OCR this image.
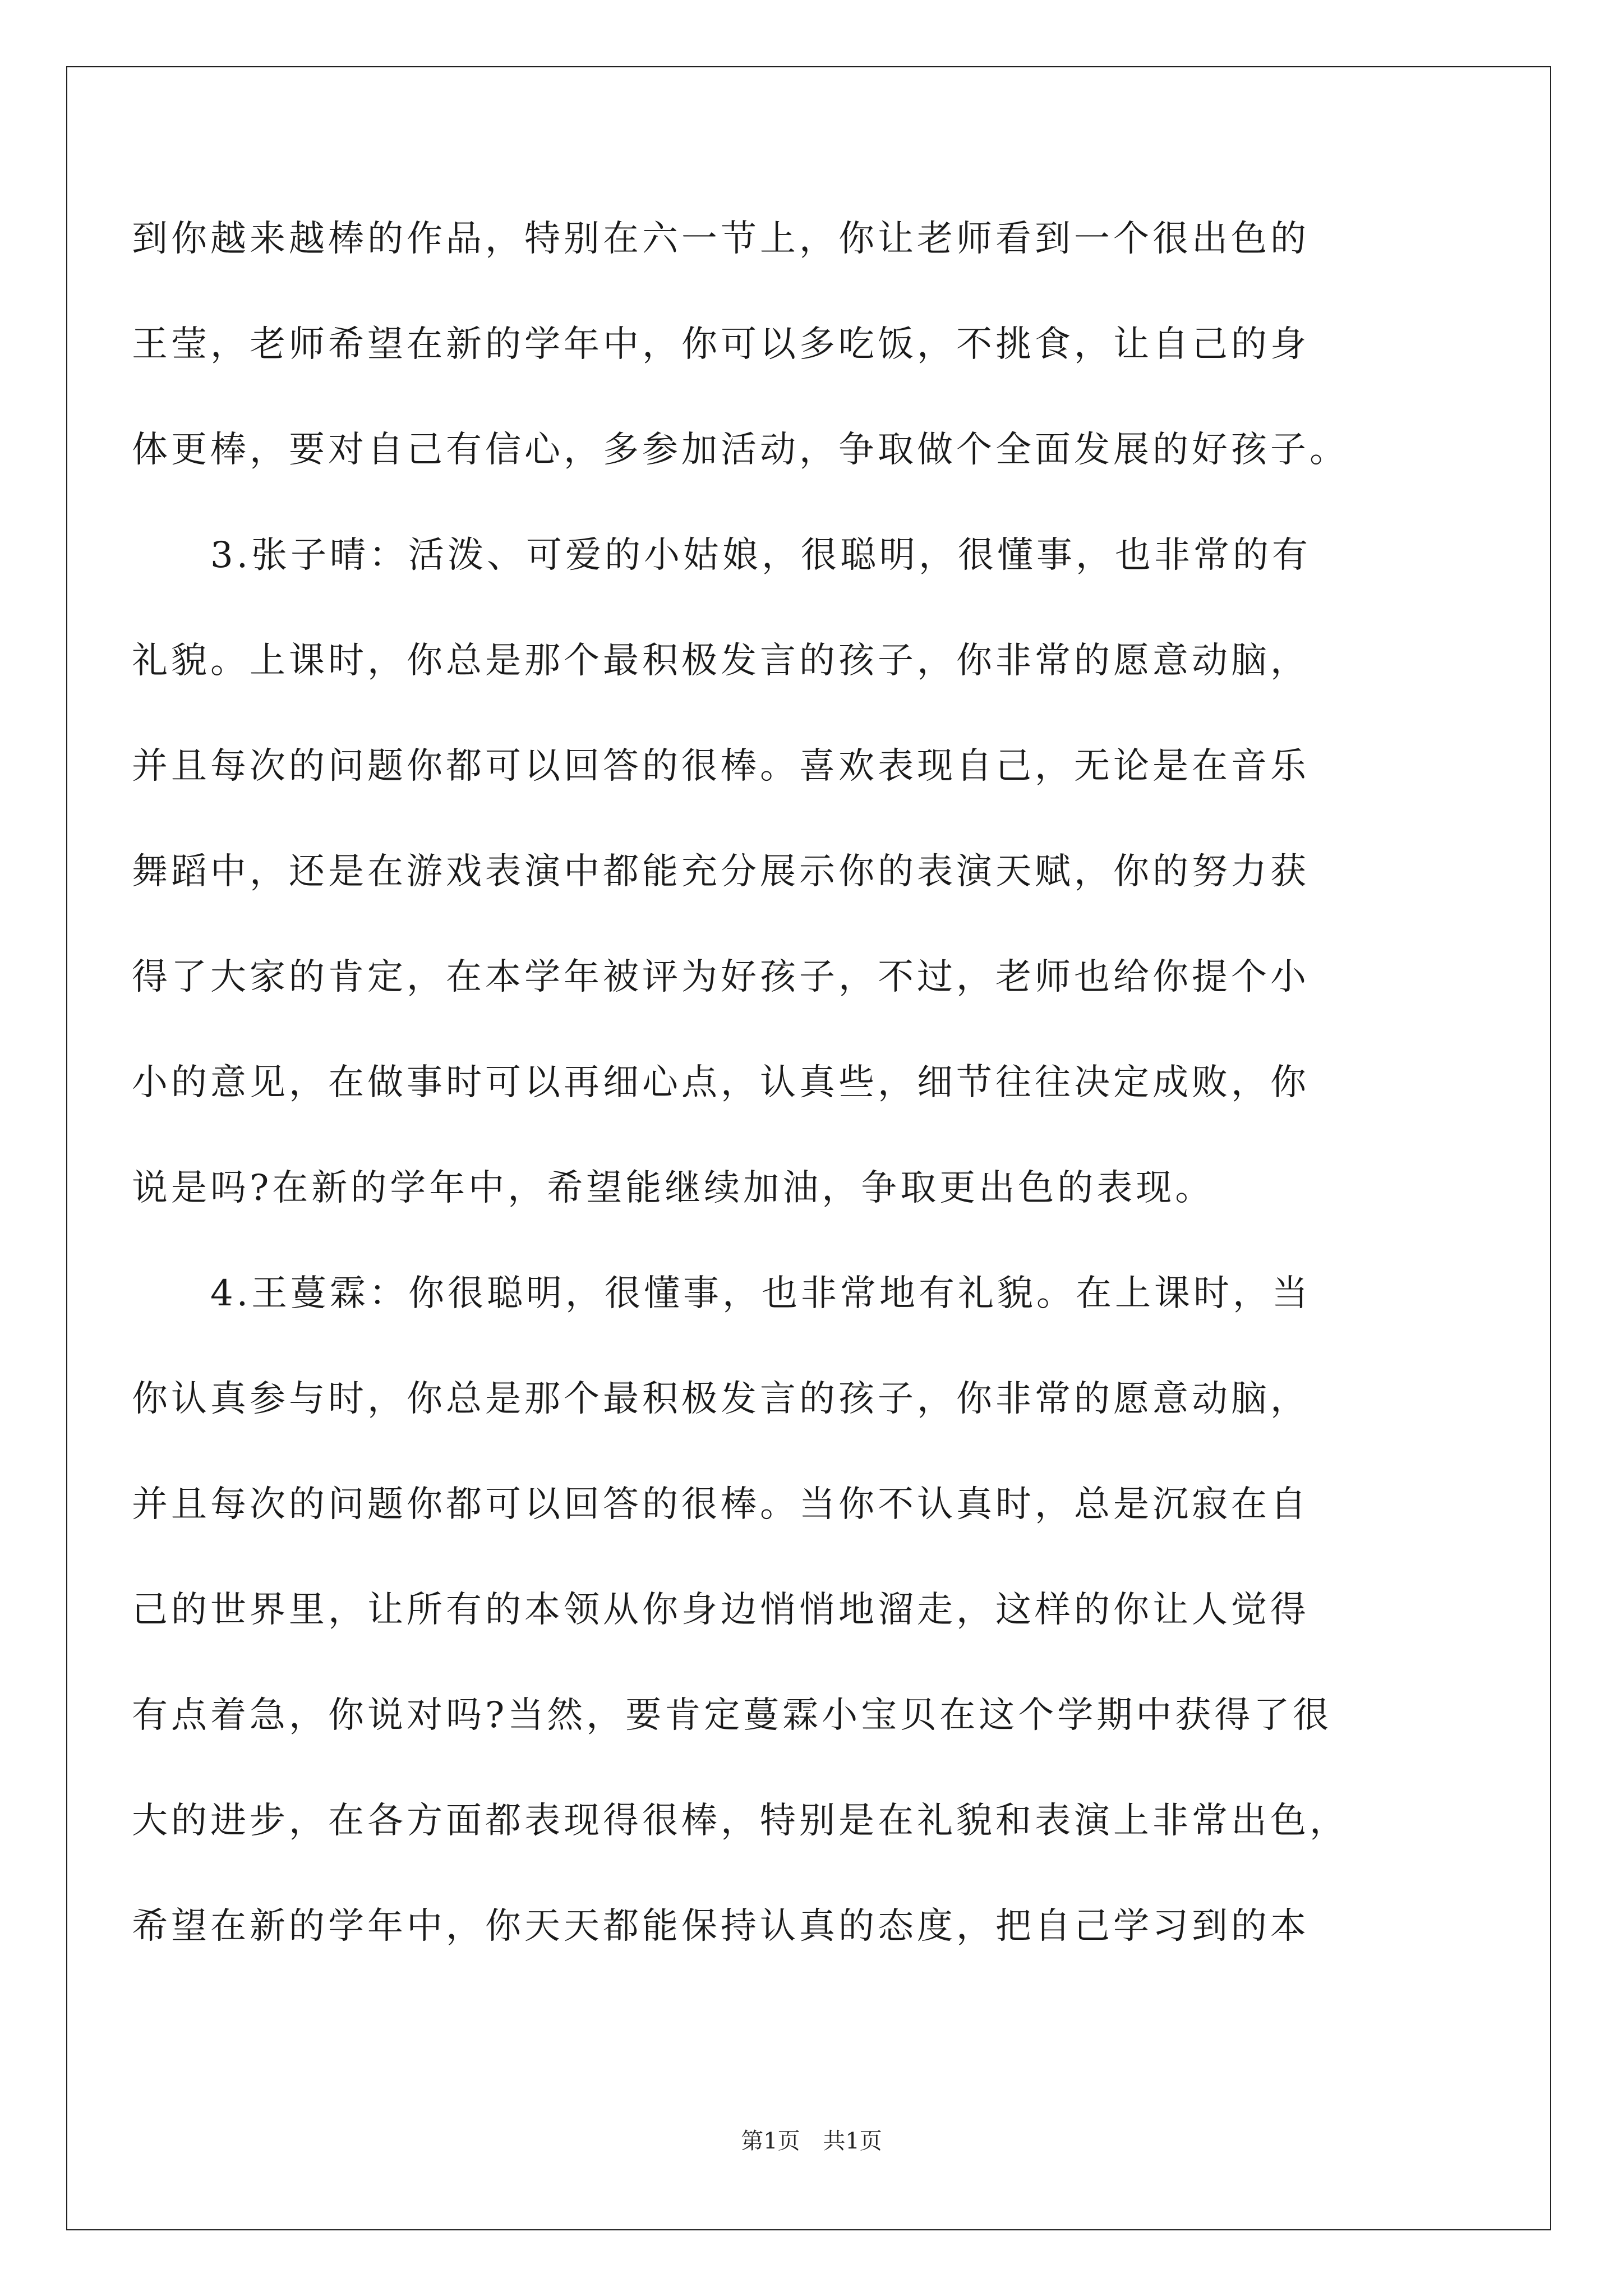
到你越来越棒的作品，特别在六一节上，你让老师看到一个很出色的
王莹，老师希望在新的学年中，你可以多吃饭，不挑食，让自己的身
体更棒，要对自己有信心，多参加活动，争取做个全面发展的好孩子。
3.张子晴：活泼、可爱的小姑娘，很聪明，很懂事，也非常的有
礼貌。上课时，你总是那个最积极发言的孩子，你非常的愿意动脑，
并且每次的问题你都可以回答的很棒。喜欢表现自己，无论是在音乐
舞蹈中，还是在游戏表演中都能充分展示你的表演天赋，你的努力获
得了大家的肯定，在本学年被评为好孩子，不过，老师也给你提个小
小的意见，在做事时可以再细心点，认真些，细节往往决定成败，你
说是吗?在新的学年中，希望能继续加油，争取更出色的表现。
4.王蔓霖：你很聪明，很懂事，也非常地有礼貌。在上课时，当
你认真参与时，你总是那个最积极发言的孩子，你非常的愿意动脑，
并且每次的问题你都可以回答的很棒。当你不认真时，总是沉寂在自
己的世界里，让所有的本领从你身边悄悄地溜走，这样的你让人觉得
有点着急，你说对吗?当然，要肯定蔓霖小宝贝在这个学期中获得了很
大的进步，在各方面都表现得很棒，特别是在礼貌和表演上非常出色，
希望在新的学年中，你天天都能保持认真的态度，把自己学习到的本
第1页 共1页
